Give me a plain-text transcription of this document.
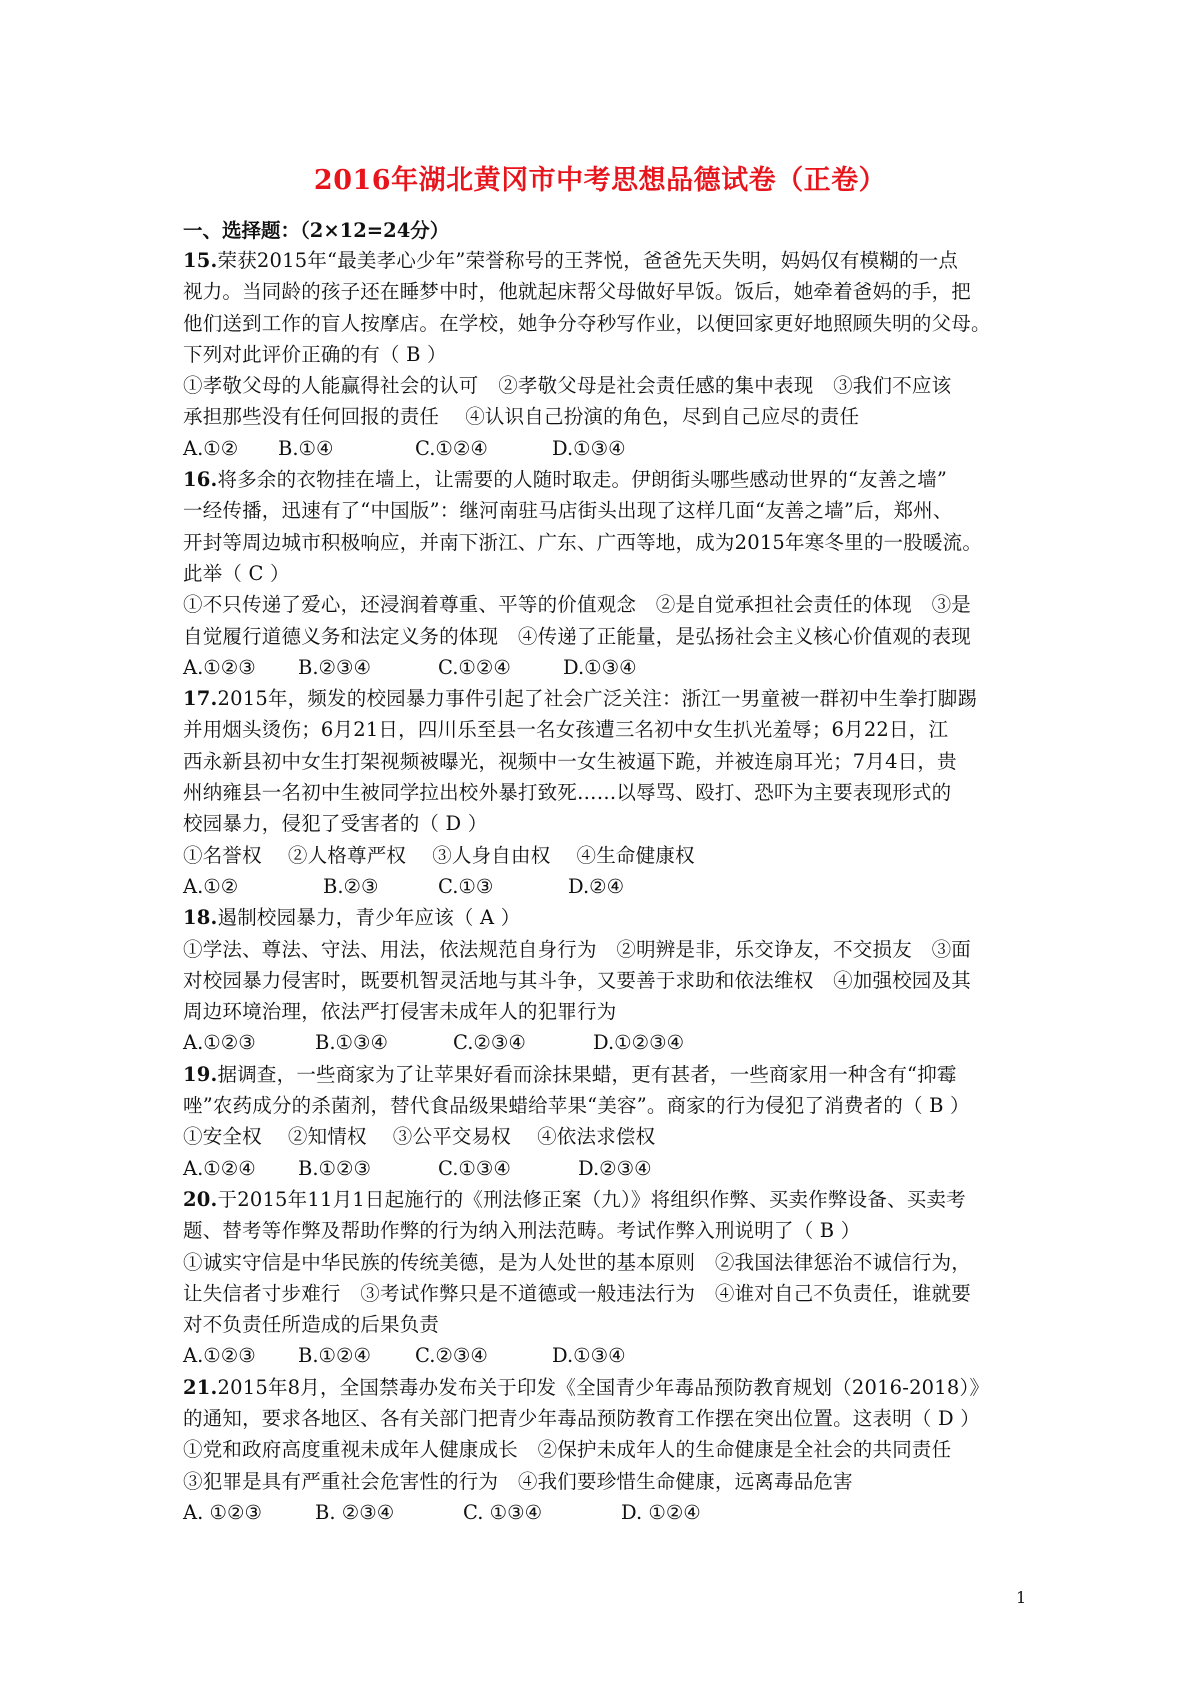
2016年湖北黄冈市中考思想品德试卷（正卷）
一、选择题：（2×12=24分）
15.荣获2015年“最美孝心少年”荣誉称号的王荠悦，爸爸先天失明，妈妈仅有模糊的一点
视力。当同龄的孩子还在睡梦中时，他就起床帮父母做好早饭。饭后，她牵着爸妈的手，把
他们送到工作的盲人按摩店。在学校，她争分夺秒写作业，以便回家更好地照顾失明的父母。
下列对此评价正确的有（ B ）
①孝敬父母的人能赢得社会的认可　②孝敬父母是社会责任感的集中表现　③我们不应该
承担那些没有任何回报的责任　 ④认识自己扮演的角色，尽到自己应尽的责任
A.①② B.①④	C.①②④	D.①③④
16.将多余的衣物挂在墙上，让需要的人随时取走。伊朗街头哪些感动世界的“友善之墙”
一经传播，迅速有了“中国版”：继河南驻马店街头出现了这样几面“友善之墙”后，郑州、
开封等周边城市积极响应，并南下浙江、广东、广西等地，成为2015年寒冬里的一股暖流。
此举（ C ）
①不只传递了爱心，还浸润着尊重、平等的价值观念　②是自觉承担社会责任的体现　③是
自觉履行道德义务和法定义务的体现　④传递了正能量，是弘扬社会主义核心价值观的表现
A.①②③ B.②③④	C.①②④	D.①③④
17.2015年，频发的校园暴力事件引起了社会广泛关注：浙江一男童被一群初中生拳打脚踢
并用烟头烫伤；6月21日，四川乐至县一名女孩遭三名初中女生扒光羞辱；6月22日，江
西永新县初中女生打架视频被曝光，视频中一女生被逼下跪，并被连扇耳光；7月4日，贵
州纳雍县一名初中生被同学拉出校外暴打致死……以辱骂、殴打、恐吓为主要表现形式的
校园暴力，侵犯了受害者的（ D ）
①名誉权　 ②人格尊严权　 ③人身自由权　 ④生命健康权
A.①②	B.②③	C.①③	D.②④
18.遏制校园暴力，青少年应该（ A ）
①学法、尊法、守法、用法，依法规范自身行为　②明辨是非，乐交诤友，不交损友　③面
对校园暴力侵害时，既要机智灵活地与其斗争，又要善于求助和依法维权　④加强校园及其
周边环境治理，依法严打侵害未成年人的犯罪行为
A.①②③	B.①③④	C.②③④	D.①②③④
19.据调查，一些商家为了让苹果好看而涂抹果蜡，更有甚者，一些商家用一种含有“抑霉
唑”农药成分的杀菌剂，替代食品级果蜡给苹果“美容”。商家的行为侵犯了消费者的（ B ）
①安全权　 ②知情权　 ③公平交易权　 ④依法求偿权
A.①②④ B.①②③	C.①③④	D.②③④
20.于2015年11月1日起施行的《刑法修正案（九）》将组织作弊、买卖作弊设备、买卖考
题、替考等作弊及帮助作弊的行为纳入刑法范畴。考试作弊入刑说明了（ B ）
①诚实守信是中华民族的传统美德，是为人处世的基本原则　②我国法律惩治不诚信行为，
让失信者寸步难行　③考试作弊只是不道德或一般违法行为　④谁对自己不负责任，谁就要
对不负责任所造成的后果负责
A.①②③ B.①②④ C.②③④	D.①③④
21.2015年8月，全国禁毒办发布关于印发《全国青少年毒品预防教育规划（2016-2018）》
的通知，要求各地区、各有关部门把青少年毒品预防教育工作摆在突出位置。这表明（ D ）
①党和政府高度重视未成年人健康成长　②保护未成年人的生命健康是全社会的共同责任
③犯罪是具有严重社会危害性的行为　④我们要珍惜生命健康，远离毒品危害
A. ①②③	B. ②③④	C. ①③④	D. ①②④
1
